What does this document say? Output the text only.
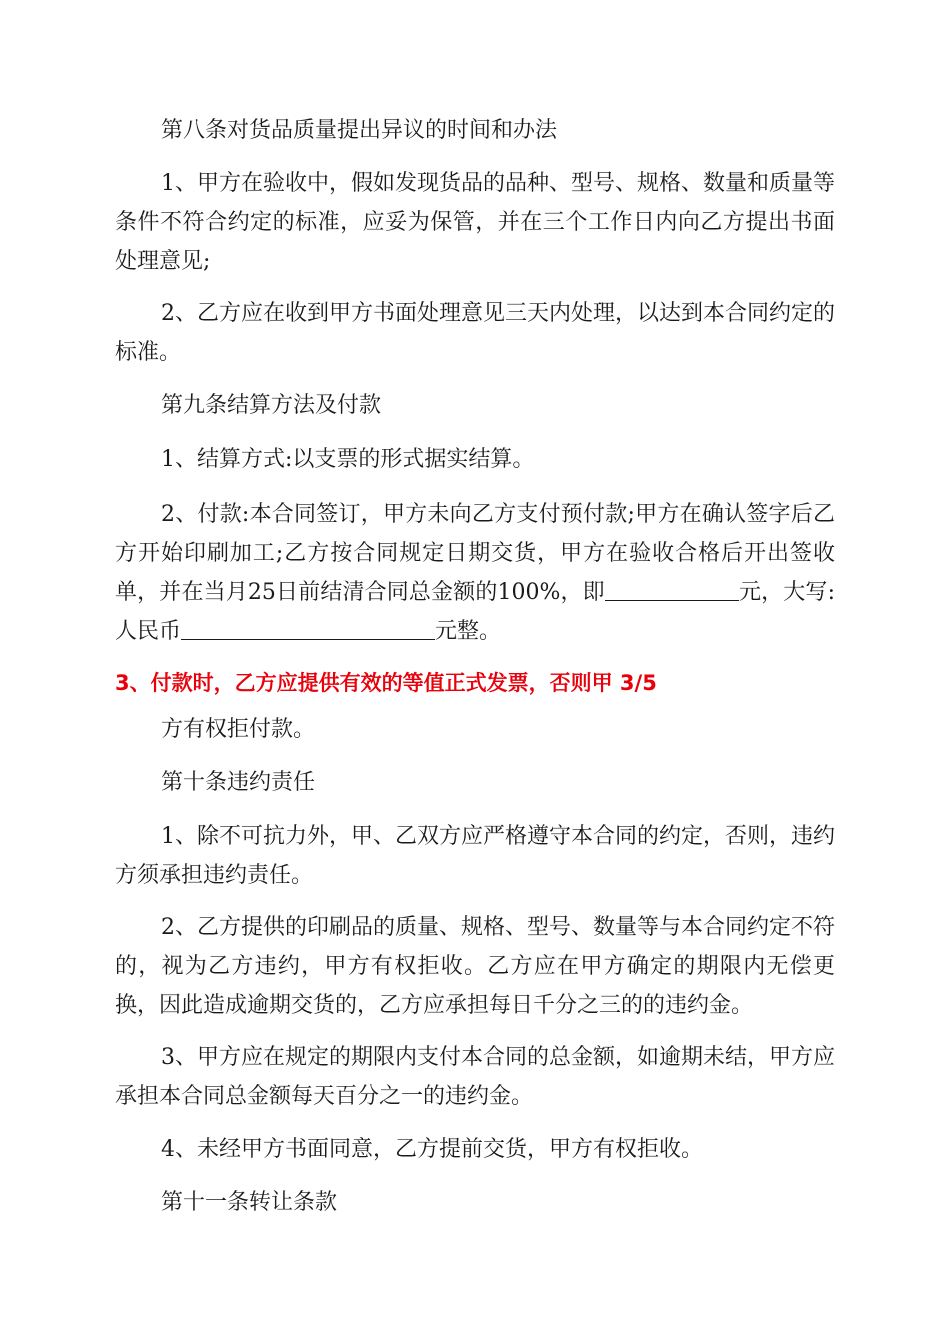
第八条对货品质量提出异议的时间和办法

1、甲方在验收中，假如发现货品的品种、型号、规格、数量和质量等条件不符合约定的标准，应妥为保管，并在三个工作日内向乙方提出书面处理意见;

2、乙方应在收到甲方书面处理意见三天内处理，以达到本合同约定的标准。

第九条结算方法及付款

1、结算方式:以支票的形式据实结算。

2、付款:本合同签订，甲方未向乙方支付预付款;甲方在确认签字后乙方开始印刷加工;乙方按合同规定日期交货，甲方在验收合格后开出签收单，并在当月25日前结清合同总金额的100%，即	元，大写:人民币	元整。

3、付款时，乙方应提供有效的等值正式发票，否则甲 3/5

方有权拒付款。

第十条违约责任

1、除不可抗力外，甲、乙双方应严格遵守本合同的约定，否则，违约方须承担违约责任。

2、乙方提供的印刷品的质量、规格、型号、数量等与本合同约定不符的，视为乙方违约，甲方有权拒收。乙方应在甲方确定的期限内无偿更换，因此造成逾期交货的，乙方应承担每日千分之三的的违约金。

3、甲方应在规定的期限内支付本合同的总金额，如逾期未结，甲方应承担本合同总金额每天百分之一的违约金。

4、未经甲方书面同意，乙方提前交货，甲方有权拒收。

第十一条转让条款
